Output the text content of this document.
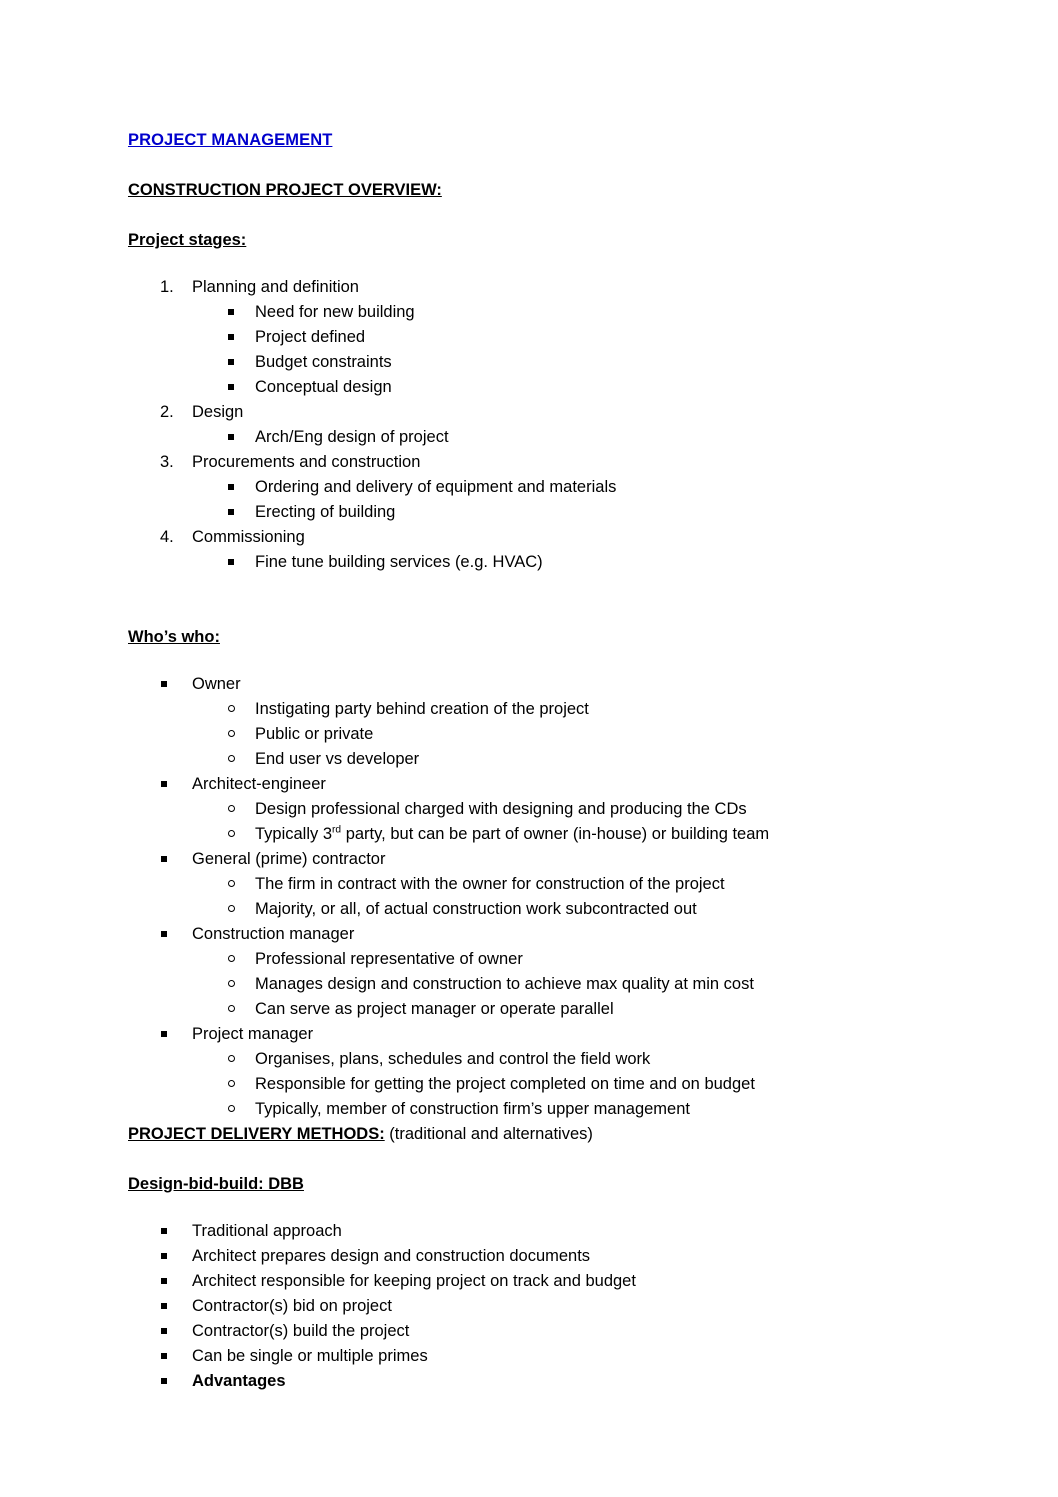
PROJECT MANAGEMENT
CONSTRUCTION PROJECT OVERVIEW:
Project stages:
1.	Planning and definition
Need for new building
Project defined
Budget constraints
Conceptual design
2.	Design
Arch/Eng design of project
3.	Procurements and construction
Ordering and delivery of equipment and materials
Erecting of building
4.	Commissioning
Fine tune building services (e.g. HVAC)
Who’s who:
Owner
Instigating party behind creation of the project
Public or private
End user vs developer
Architect-engineer
Design professional charged with designing and producing the CDs
Typically 3rd party, but can be part of owner (in-house) or building team
General (prime) contractor
The firm in contract with the owner for construction of the project
Majority, or all, of actual construction work subcontracted out
Construction manager
Professional representative of owner
Manages design and construction to achieve max quality at min cost
Can serve as project manager or operate parallel
Project manager
Organises, plans, schedules and control the field work
Responsible for getting the project completed on time and on budget
Typically, member of construction firm’s upper management
PROJECT DELIVERY METHODS: (traditional and alternatives)
Design-bid-build: DBB
Traditional approach
Architect prepares design and construction documents
Architect responsible for keeping project on track and budget
Contractor(s) bid on project
Contractor(s) build the project
Can be single or multiple primes
Advantages
